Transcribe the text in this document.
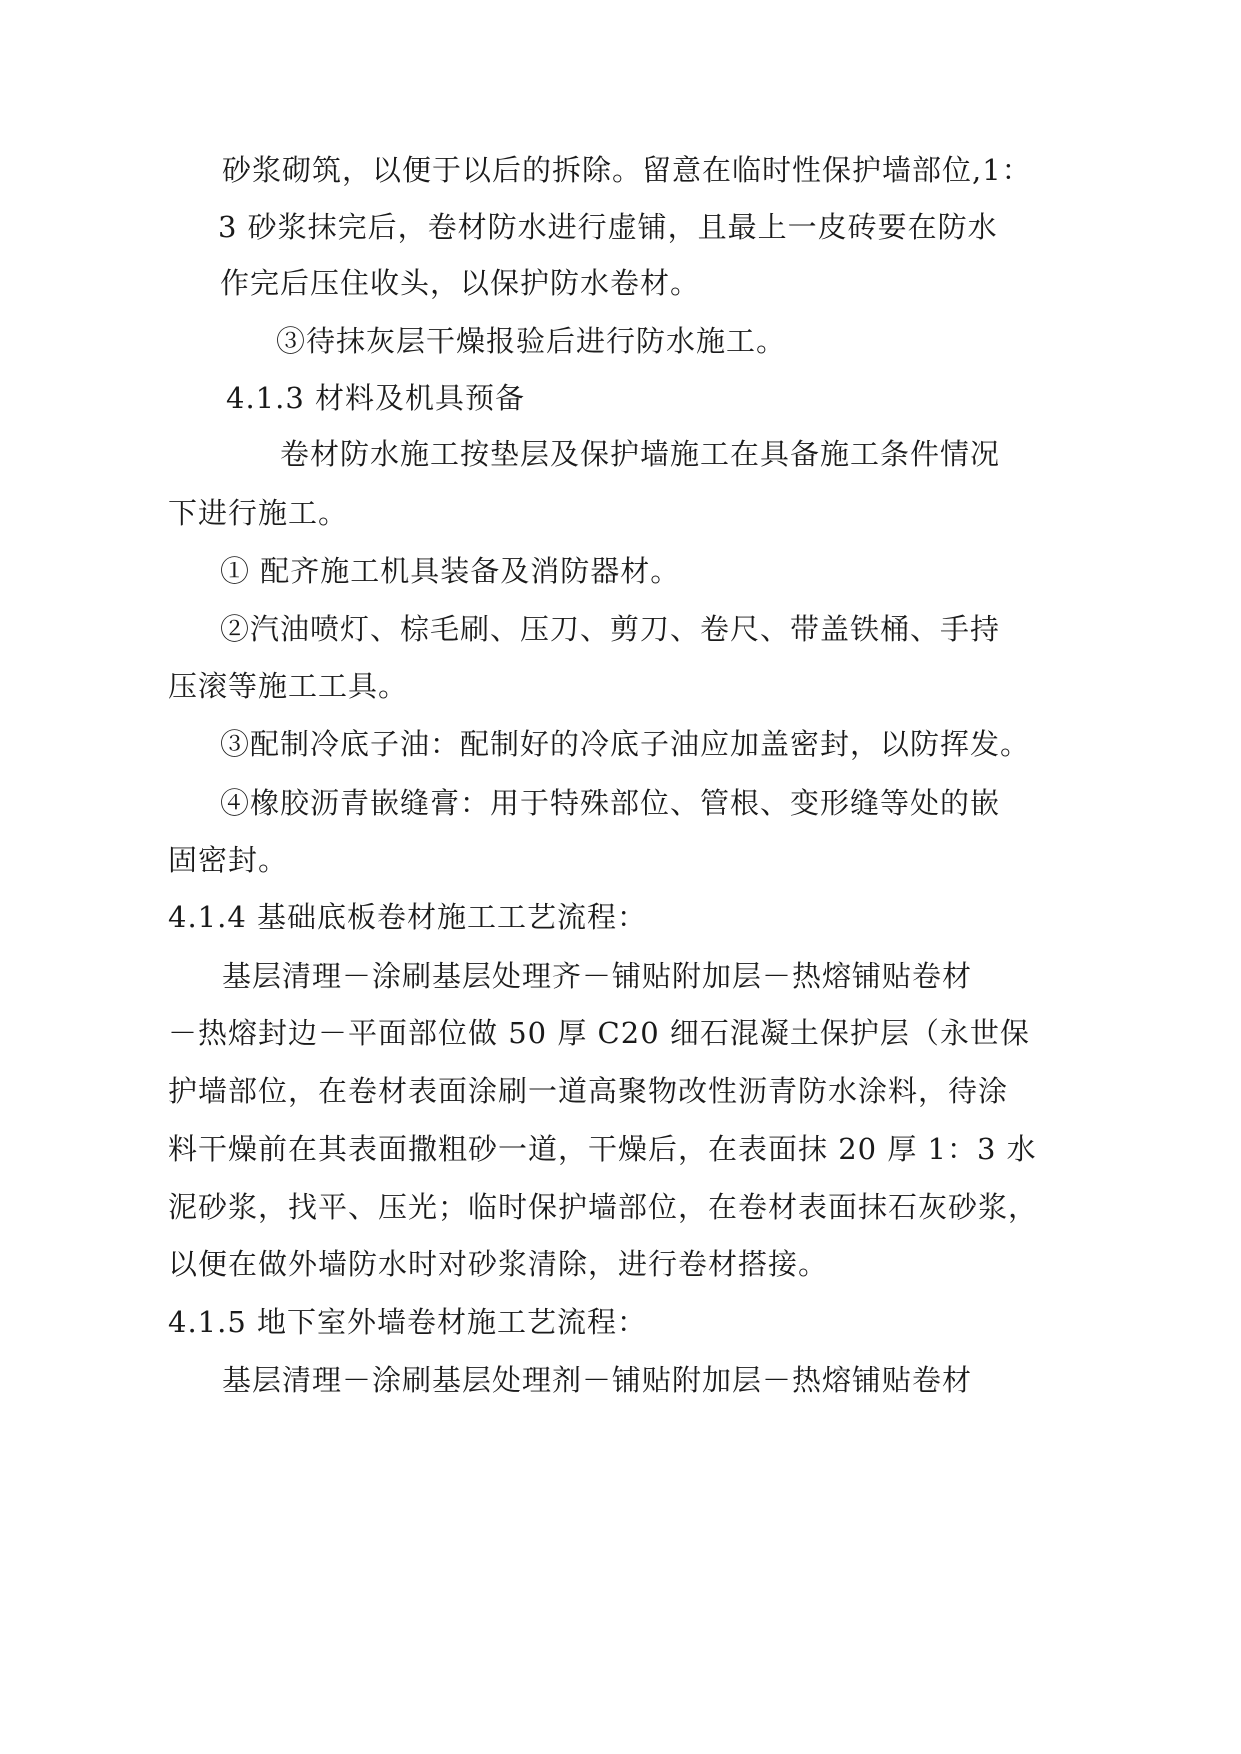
砂浆砌筑，以便于以后的拆除。留意在临时性保护墙部位,1：
3 砂浆抹完后，卷材防水进行虚铺，且最上一皮砖要在防水
作完后压住收头，以保护防水卷材。
③待抹灰层干燥报验后进行防水施工。
4.1.3 材料及机具预备
卷材防水施工按垫层及保护墙施工在具备施工条件情况
下进行施工。
① 配齐施工机具装备及消防器材。
②汽油喷灯、棕毛刷、压刀、剪刀、卷尺、带盖铁桶、手持
压滚等施工工具。
③配制冷底子油：配制好的冷底子油应加盖密封，以防挥发。
④橡胶沥青嵌缝膏：用于特殊部位、管根、变形缝等处的嵌
固密封。
4.1.4 基础底板卷材施工工艺流程：
基层清理－涂刷基层处理齐－铺贴附加层－热熔铺贴卷材
－热熔封边－平面部位做 50 厚 C20 细石混凝土保护层（永世保
护墙部位，在卷材表面涂刷一道高聚物改性沥青防水涂料，待涂
料干燥前在其表面撒粗砂一道，干燥后，在表面抹 20 厚 1：3 水
泥砂浆，找平、压光；临时保护墙部位，在卷材表面抹石灰砂浆，
以便在做外墙防水时对砂浆清除，进行卷材搭接。
4.1.5 地下室外墙卷材施工艺流程：
基层清理－涂刷基层处理剂－铺贴附加层－热熔铺贴卷材
